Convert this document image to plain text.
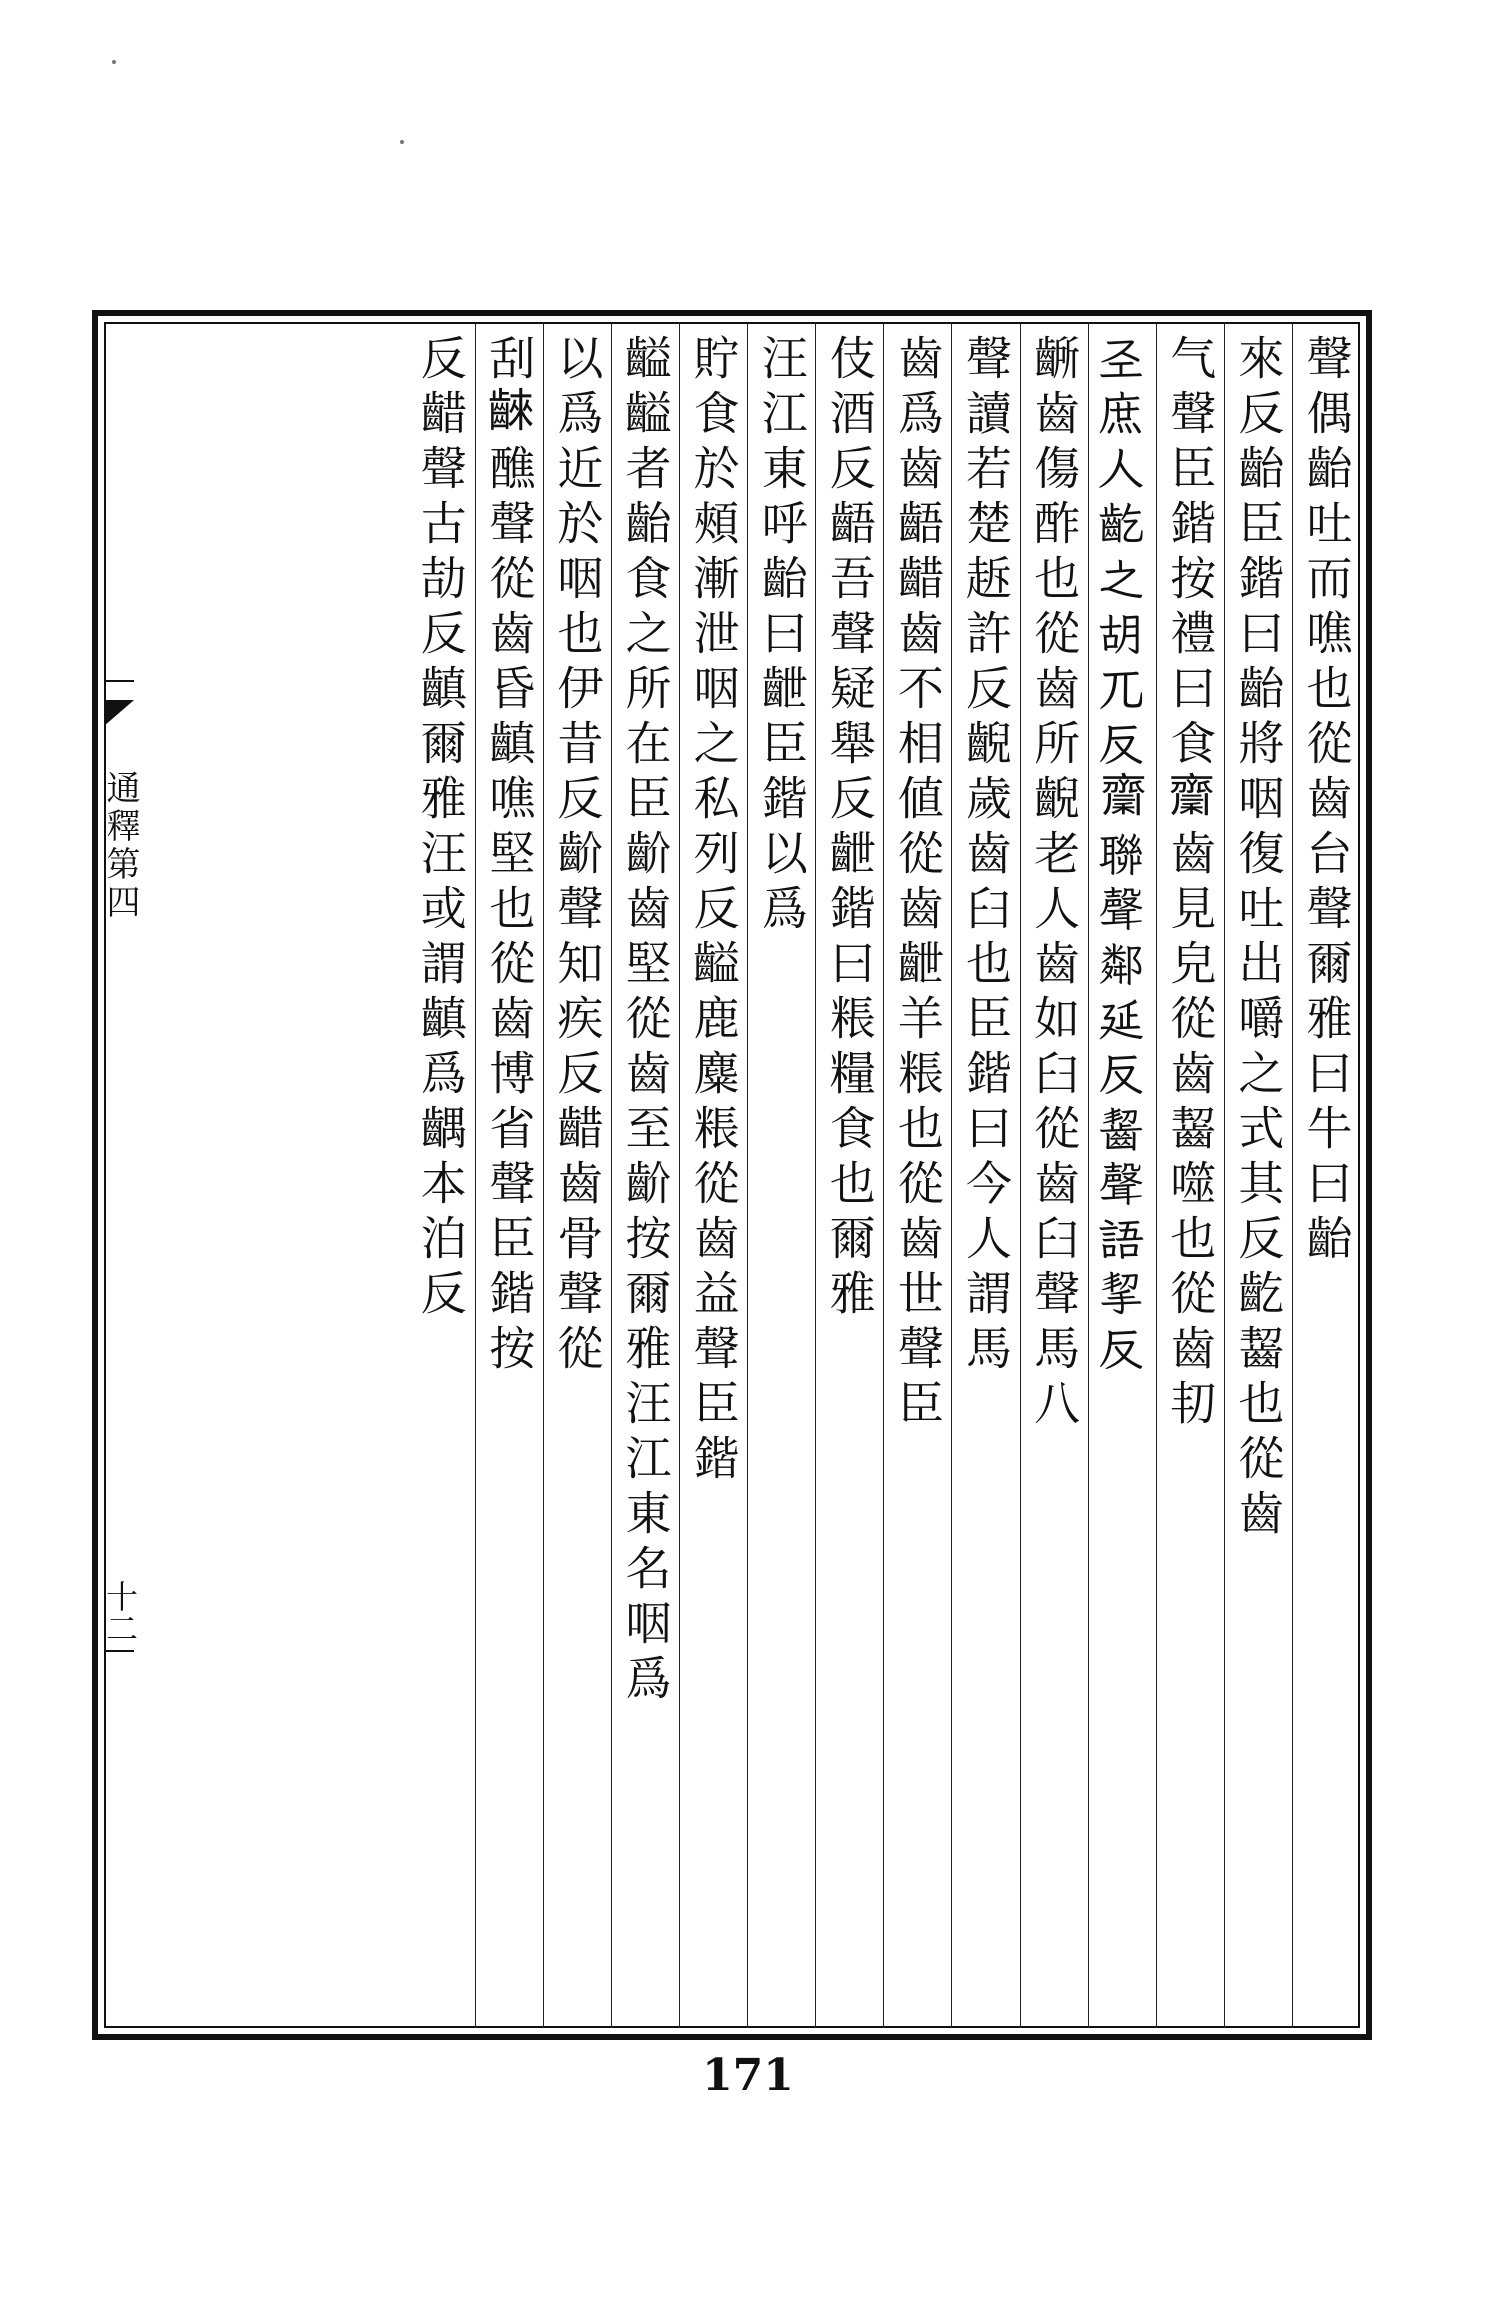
通釋第四
十二
聲偶齝吐而噍也從齒台聲爾雅曰牛曰齝
來反齝臣鍇曰齝將咽復吐出嚼之式其反齕齧也從齒
气聲臣鍇按禮曰食𪗉齒見皃從齒齧噬也從齒㓞
𢀖庶人齕之胡兀反𪗉聯聲鄰延反齧聲語挈反
齭齒傷酢也從齒所齯老人齒如臼從齒臼聲馬八
聲讀若楚䞣許反齯歲齒臼也臣鍇曰今人謂馬
齒爲齒齬齰齒不相値從齒齛羊粻也從齒世聲臣
伎酒反齬吾聲疑舉反齛鍇曰粻糧食也爾雅
汪江東呼齝曰齛臣鍇以爲
貯食於頰漸泄咽之私列反齸鹿麋粻從齒益聲臣鍇
齸齸者齝食之所在臣齘齒堅從齒至齘按爾雅汪江東名咽爲
以爲近於咽也伊昔反齘聲知疾反齰齒骨聲從
刮𪘨醮聲從齒昏齻噍堅也從齒博省聲臣鍇按
反齰聲古劼反齻爾雅汪或謂齻爲齵本泊反
171
